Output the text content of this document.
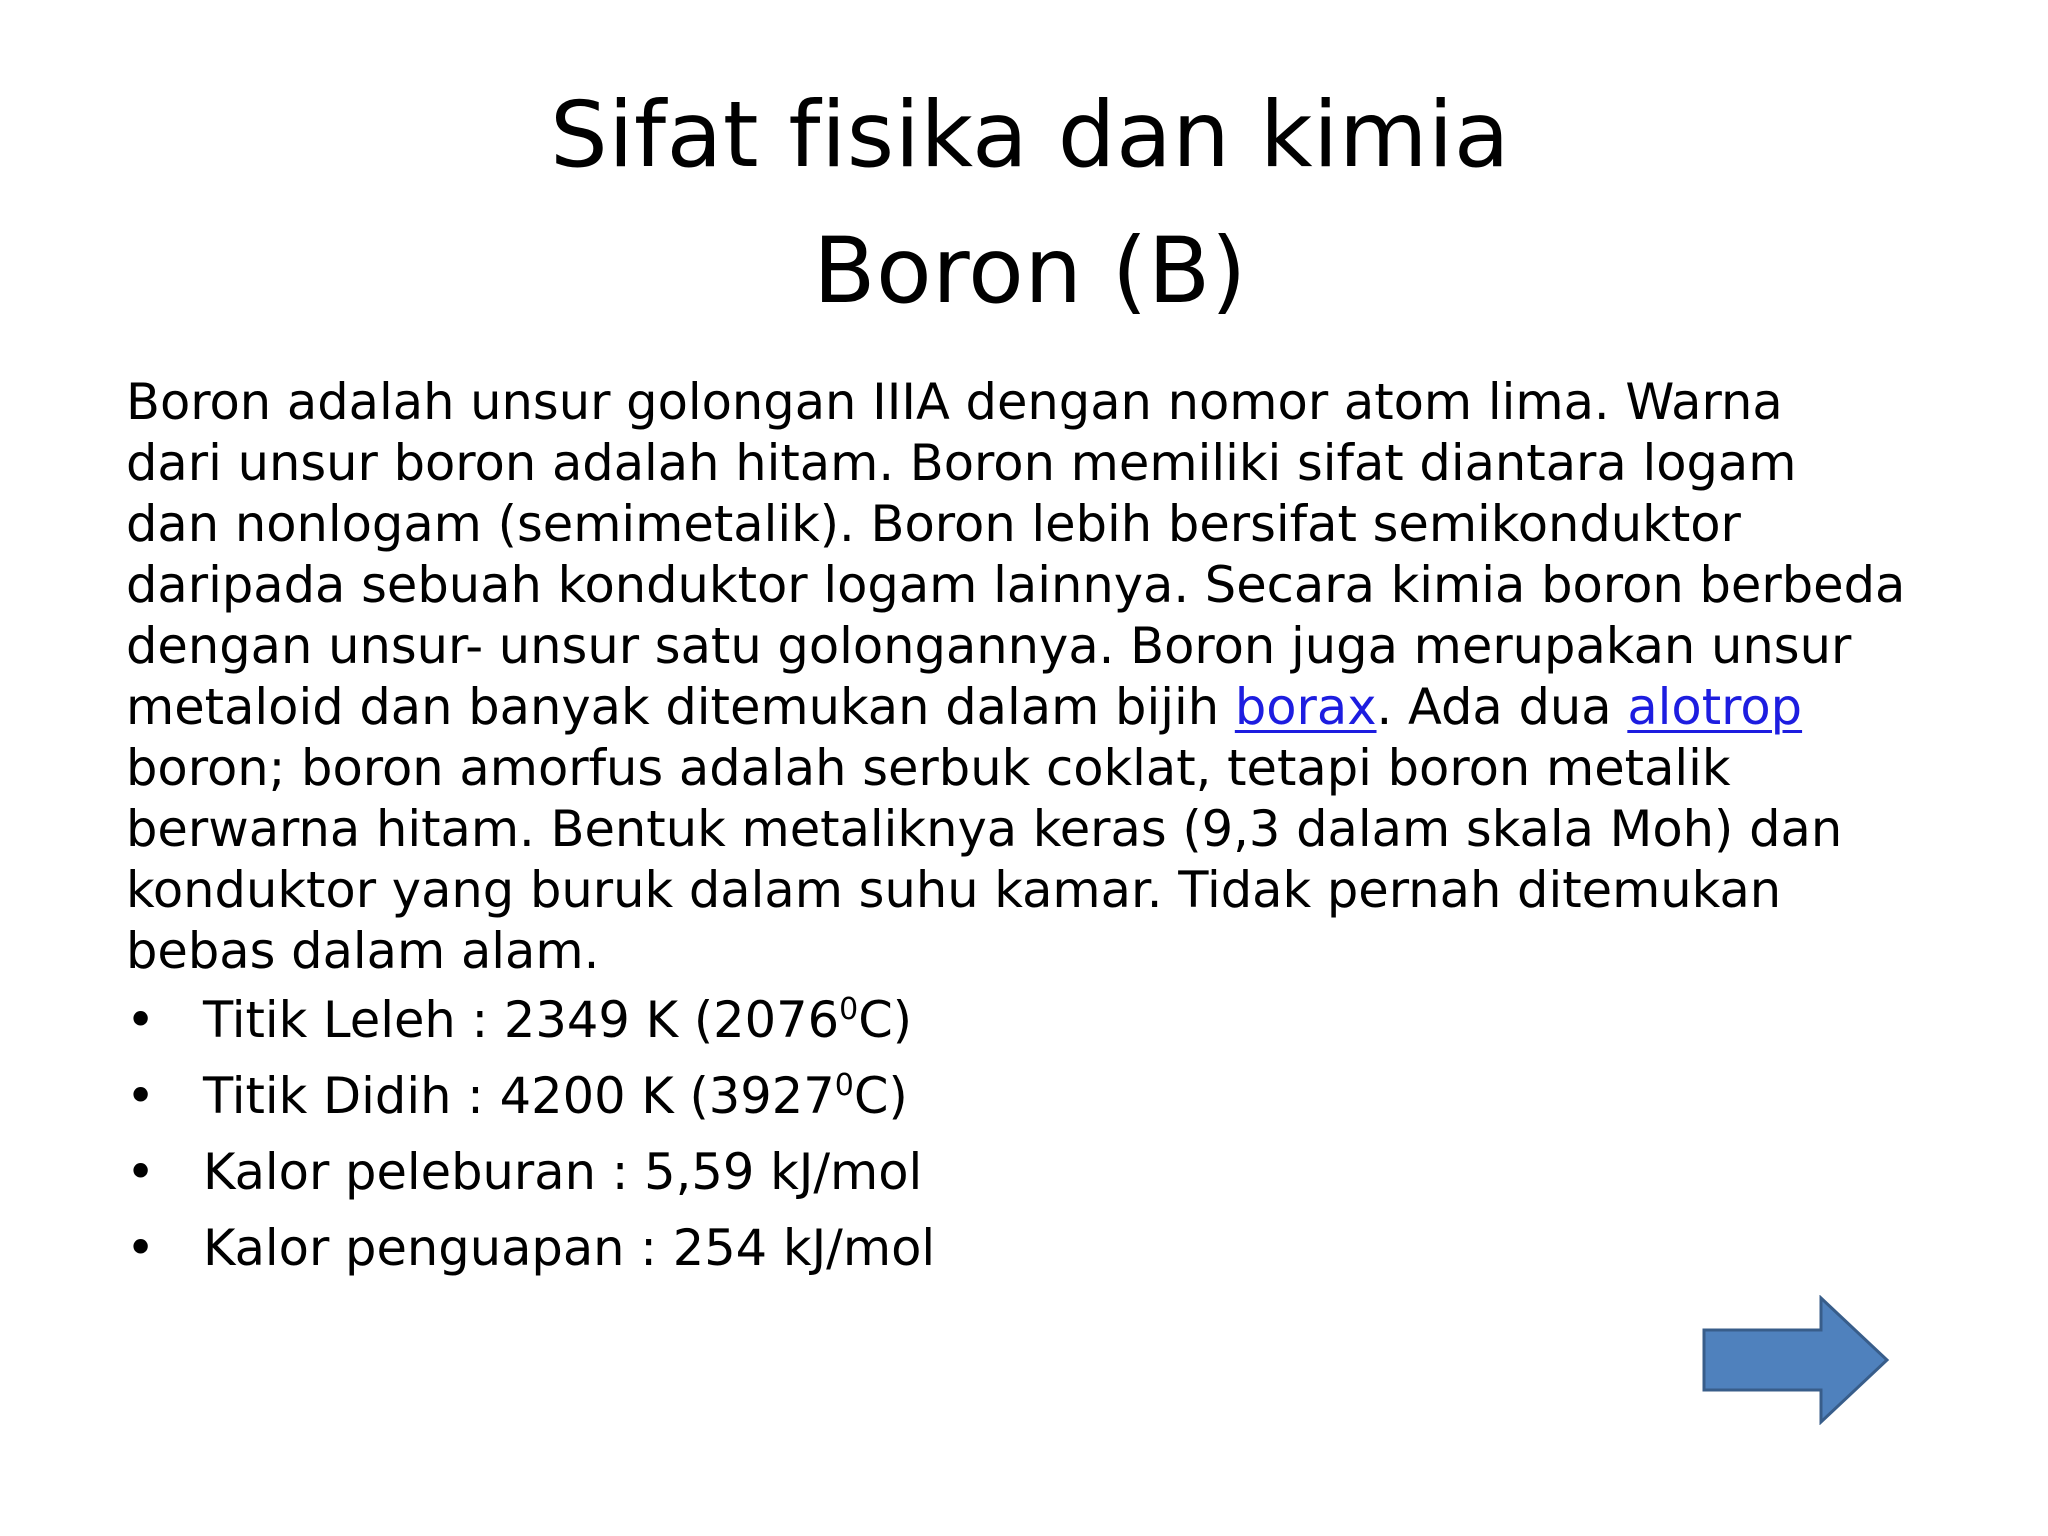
Sifat fisika dan kimia
Boron (B)
Boron adalah unsur golongan IIIA dengan nomor atom lima. Warna
dari unsur boron adalah hitam. Boron memiliki sifat diantara logam
dan nonlogam (semimetalik). Boron lebih bersifat semikonduktor
daripada sebuah konduktor logam lainnya. Secara kimia boron berbeda
dengan unsur- unsur satu golongannya. Boron juga merupakan unsur
metaloid dan banyak ditemukan dalam bijih borax. Ada dua alotrop
boron; boron amorfus adalah serbuk coklat, tetapi boron metalik
berwarna hitam. Bentuk metaliknya keras (9,3 dalam skala Moh) dan
konduktor yang buruk dalam suhu kamar. Tidak pernah ditemukan
bebas dalam alam.
• Titik Leleh : 2349 K (2076$^0$C)
• Titik Didih : 4200 K (3927$^0$C)
• Kalor peleburan : 5,59 kJ/mol
• Kalor penguapan : 254 kJ/mol
